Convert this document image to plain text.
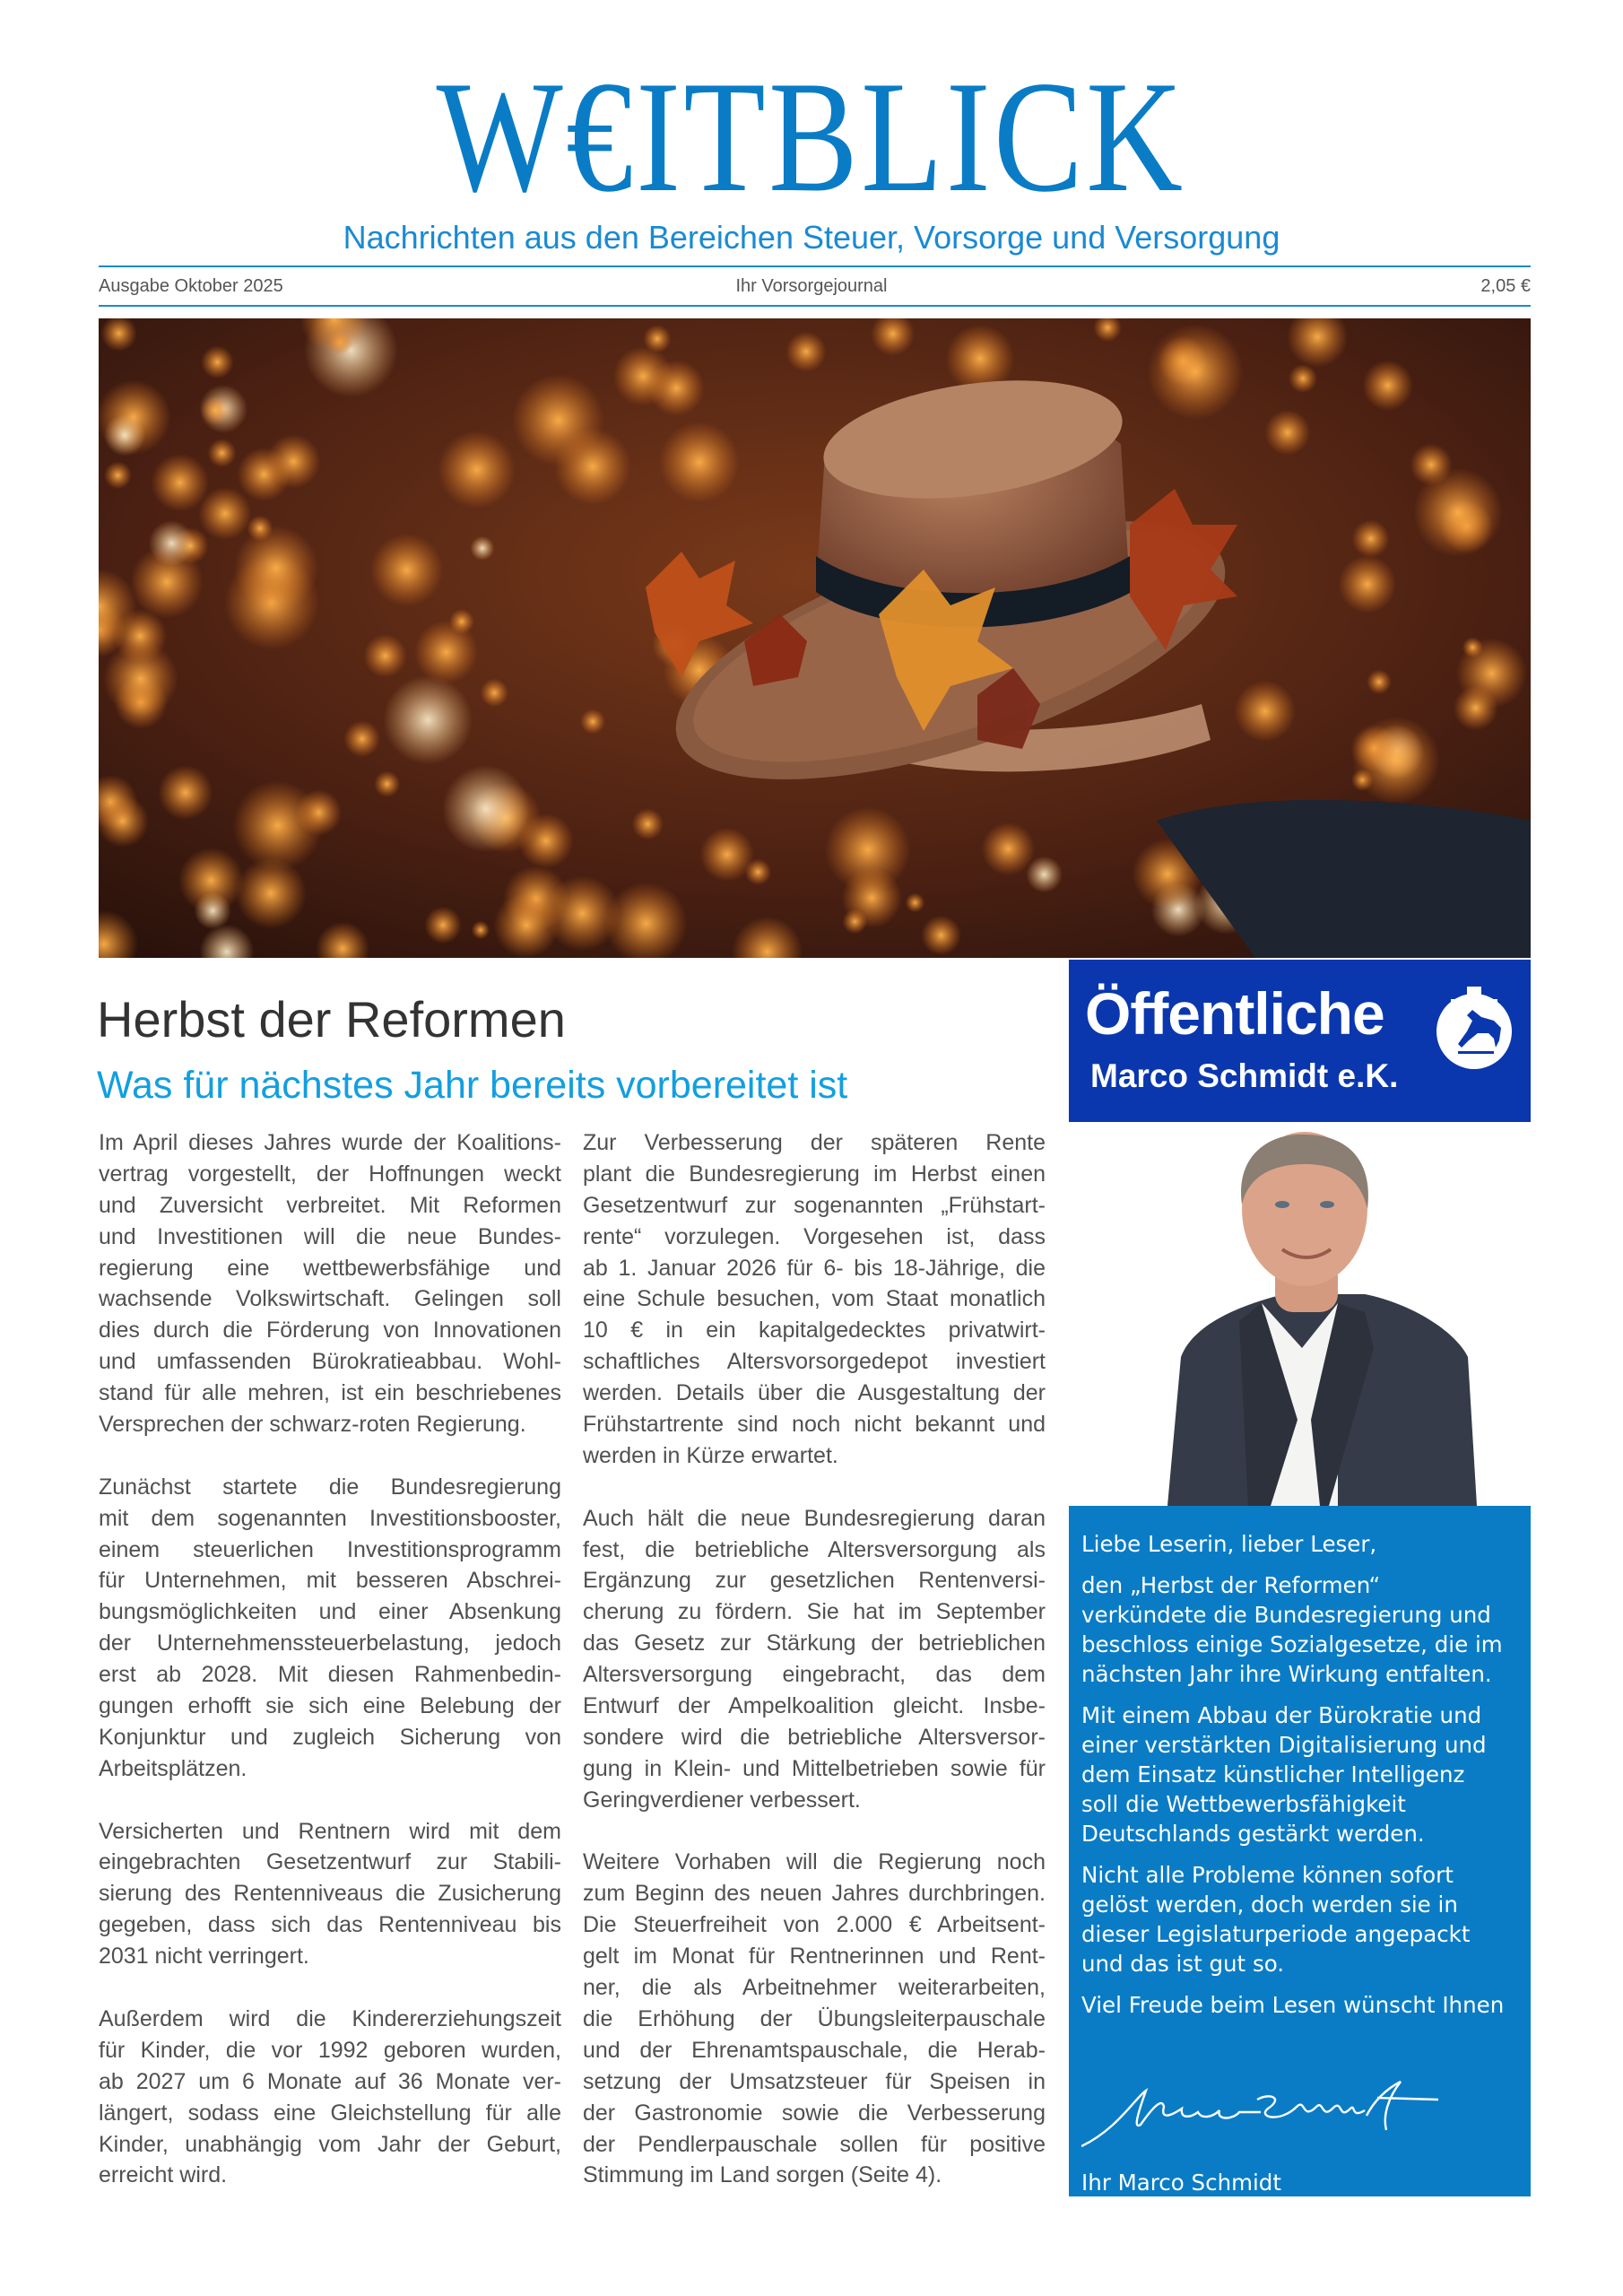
W€ITBLICK
Nachrichten aus den Bereichen Steuer, Vorsorge und Versorgung
Ausgabe Oktober 2025	Ihr Vorsorgejournal	2,05 €
Herbst der Reformen
Was für nächstes Jahr bereits vorbereitet ist
Im April dieses Jahres wurde der Koalitions-
vertrag vorgestellt, der Hoffnungen weckt
und Zuversicht verbreitet. Mit Reformen
und Investitionen will die neue Bundes-
regierung eine wettbewerbsfähige und
wachsende Volkswirtschaft. Gelingen soll
dies durch die Förderung von Innovationen
und umfassenden Bürokratieabbau. Wohl-
stand für alle mehren, ist ein beschriebenes
Versprechen der schwarz-roten Regierung.
Zunächst startete die Bundesregierung
mit dem sogenannten Investitionsbooster,
einem steuerlichen Investitionsprogramm
für Unternehmen, mit besseren Abschrei-
bungsmöglichkeiten und einer Absenkung
der Unternehmenssteuerbelastung, jedoch
erst ab 2028. Mit diesen Rahmenbedin-
gungen erhofft sie sich eine Belebung der
Konjunktur und zugleich Sicherung von
Arbeitsplätzen.
Versicherten und Rentnern wird mit dem
eingebrachten Gesetzentwurf zur Stabili-
sierung des Rentenniveaus die Zusicherung
gegeben, dass sich das Rentenniveau bis
2031 nicht verringert.
Außerdem wird die Kindererziehungszeit
für Kinder, die vor 1992 geboren wurden,
ab 2027 um 6 Monate auf 36 Monate ver-
längert, sodass eine Gleichstellung für alle
Kinder, unabhängig vom Jahr der Geburt,
erreicht wird.
Zur Verbesserung der späteren Rente
plant die Bundesregierung im Herbst einen
Gesetzentwurf zur sogenannten „Frühstart-
rente“ vorzulegen. Vorgesehen ist, dass
ab 1. Januar 2026 für 6- bis 18-Jährige, die
eine Schule besuchen, vom Staat monatlich
10 € in ein kapitalgedecktes privatwirt-
schaftliches Altersvorsorgedepot investiert
werden. Details über die Ausgestaltung der
Frühstartrente sind noch nicht bekannt und
werden in Kürze erwartet.
Auch hält die neue Bundesregierung daran
fest, die betriebliche Altersversorgung als
Ergänzung zur gesetzlichen Rentenversi-
cherung zu fördern. Sie hat im September
das Gesetz zur Stärkung der betrieblichen
Altersversorgung eingebracht, das dem
Entwurf der Ampelkoalition gleicht. Insbe-
sondere wird die betriebliche Altersversor-
gung in Klein- und Mittelbetrieben sowie für
Geringverdiener verbessert.
Weitere Vorhaben will die Regierung noch
zum Beginn des neuen Jahres durchbringen.
Die Steuerfreiheit von 2.000 € Arbeitsent-
gelt im Monat für Rentnerinnen und Rent-
ner, die als Arbeitnehmer weiterarbeiten,
die Erhöhung der Übungsleiterpauschale
und der Ehrenamtspauschale, die Herab-
setzung der Umsatzsteuer für Speisen in
der Gastronomie sowie die Verbesserung
der Pendlerpauschale sollen für positive
Stimmung im Land sorgen (Seite 4).
Öffentliche
Marco Schmidt e.K.
Liebe Leserin, lieber Leser,
den „Herbst der Reformen“
verkündete die Bundesregierung und
beschloss einige Sozialgesetze, die im
nächsten Jahr ihre Wirkung entfalten.
Mit einem Abbau der Bürokratie und
einer verstärkten Digitalisierung und
dem Einsatz künstlicher Intelligenz
soll die Wettbewerbsfähigkeit
Deutschlands gestärkt werden.
Nicht alle Probleme können sofort
gelöst werden, doch werden sie in
dieser Legislaturperiode angepackt
und das ist gut so.
Viel Freude beim Lesen wünscht Ihnen
Ihr Marco Schmidt
